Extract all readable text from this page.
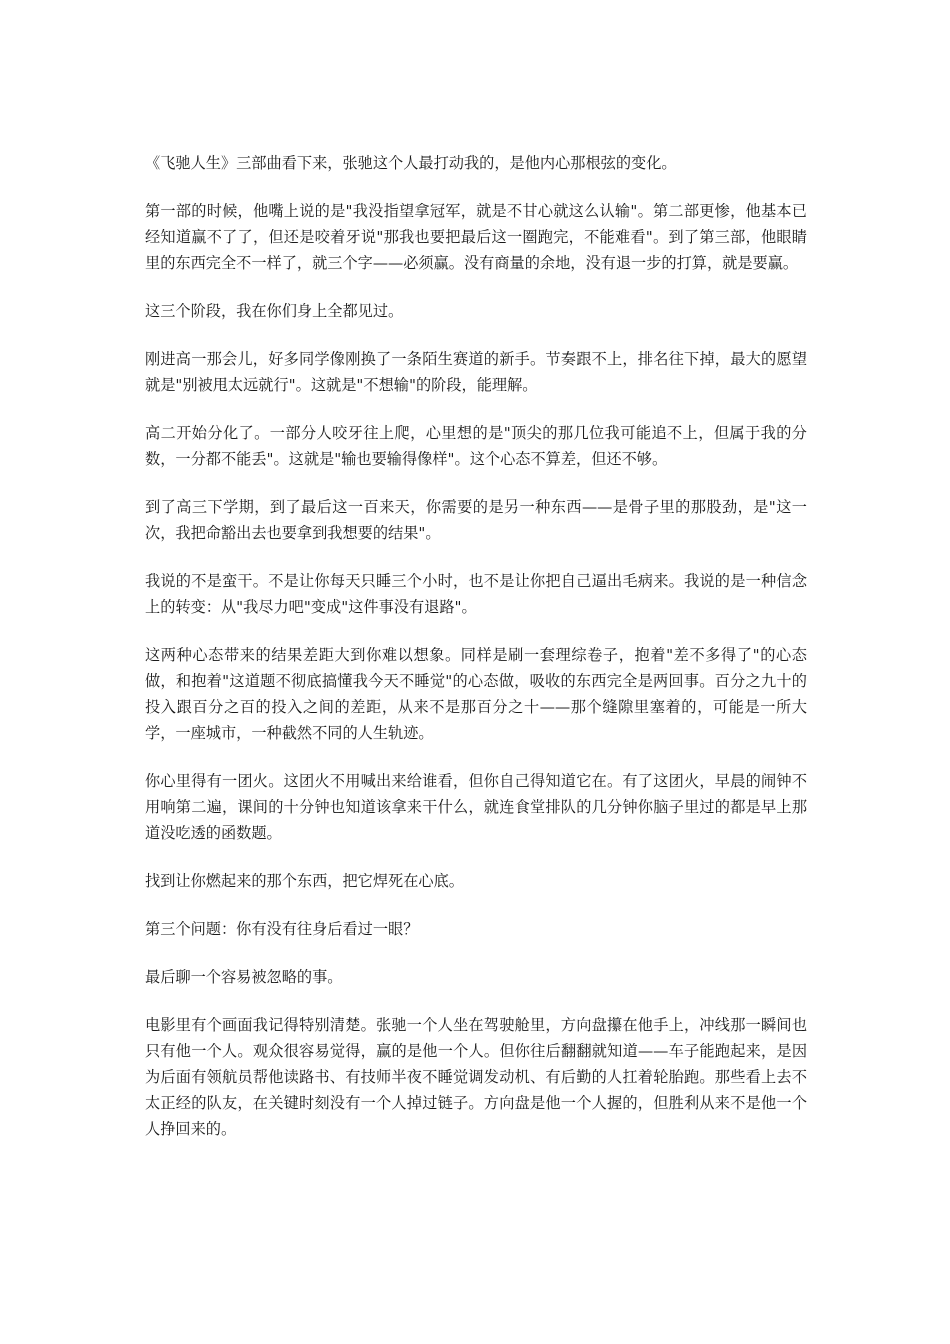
《飞驰人生》三部曲看下来，张驰这个人最打动我的，是他内心那根弦的变化。

第一部的时候，他嘴上说的是"我没指望拿冠军，就是不甘心就这么认输"。第二部更惨，他基本已经知道赢不了了，但还是咬着牙说"那我也要把最后这一圈跑完，不能难看"。到了第三部，他眼睛里的东西完全不一样了，就三个字——必须赢。没有商量的余地，没有退一步的打算，就是要赢。

这三个阶段，我在你们身上全都见过。

刚进高一那会儿，好多同学像刚换了一条陌生赛道的新手。节奏跟不上，排名往下掉，最大的愿望就是"别被甩太远就行"。这就是"不想输"的阶段，能理解。

高二开始分化了。一部分人咬牙往上爬，心里想的是"顶尖的那几位我可能追不上，但属于我的分数，一分都不能丢"。这就是"输也要输得像样"。这个心态不算差，但还不够。

到了高三下学期，到了最后这一百来天，你需要的是另一种东西——是骨子里的那股劲，是"这一次，我把命豁出去也要拿到我想要的结果"。

我说的不是蛮干。不是让你每天只睡三个小时，也不是让你把自己逼出毛病来。我说的是一种信念上的转变：从"我尽力吧"变成"这件事没有退路"。

这两种心态带来的结果差距大到你难以想象。同样是刷一套理综卷子，抱着"差不多得了"的心态做，和抱着"这道题不彻底搞懂我今天不睡觉"的心态做，吸收的东西完全是两回事。百分之九十的投入跟百分之百的投入之间的差距，从来不是那百分之十——那个缝隙里塞着的，可能是一所大学，一座城市，一种截然不同的人生轨迹。

你心里得有一团火。这团火不用喊出来给谁看，但你自己得知道它在。有了这团火，早晨的闹钟不用响第二遍，课间的十分钟也知道该拿来干什么，就连食堂排队的几分钟你脑子里过的都是早上那道没吃透的函数题。

找到让你燃起来的那个东西，把它焊死在心底。

第三个问题：你有没有往身后看过一眼？

最后聊一个容易被忽略的事。

电影里有个画面我记得特别清楚。张驰一个人坐在驾驶舱里，方向盘攥在他手上，冲线那一瞬间也只有他一个人。观众很容易觉得，赢的是他一个人。但你往后翻翻就知道——车子能跑起来，是因为后面有领航员帮他读路书、有技师半夜不睡觉调发动机、有后勤的人扛着轮胎跑。那些看上去不太正经的队友，在关键时刻没有一个人掉过链子。方向盘是他一个人握的，但胜利从来不是他一个人挣回来的。
